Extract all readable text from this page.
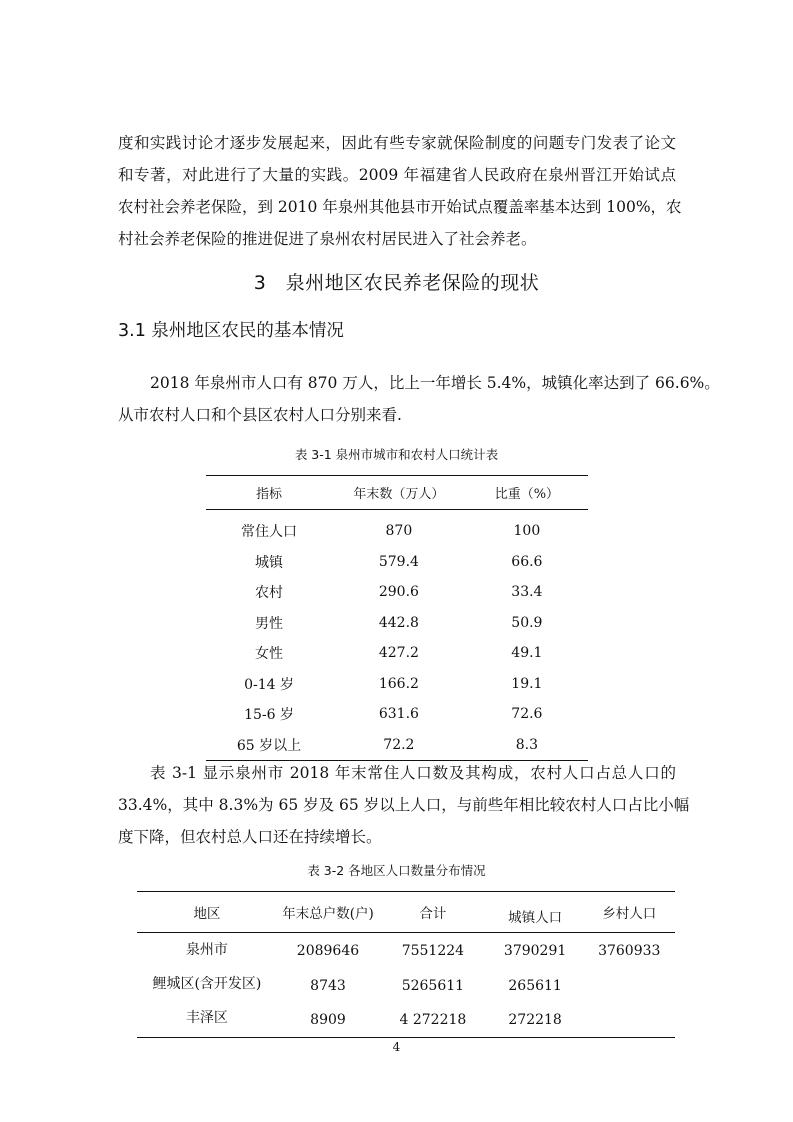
度和实践讨论才逐步发展起来，因此有些专家就保险制度的问题专门发表了论文
和专著，对此进行了大量的实践。2009 年福建省人民政府在泉州晋江开始试点
农村社会养老保险，到 2010 年泉州其他县市开始试点覆盖率基本达到 100%，农
村社会养老保险的推进促进了泉州农村居民进入了社会养老。
3　泉州地区农民养老保险的现状
3.1 泉州地区农民的基本情况
2018 年泉州市人口有 870 万人，比上一年增长 5.4%，城镇化率达到了 66.6%。
从市农村人口和个县区农村人口分别来看.
表 3-1 泉州市城市和农村人口统计表
指标	年末数（万人）	比重（%）
常住人口	870	100
城镇	579.4	66.6
农村	290.6	33.4
男性	442.8	50.9
女性	427.2	49.1
0-14 岁	166.2	19.1
15-6 岁	631.6	72.6
65 岁以上	72.2	8.3
表 3-1 显示泉州市 2018 年末常住人口数及其构成，农村人口占总人口的
33.4%，其中 8.3%为 65 岁及 65 岁以上人口，与前些年相比较农村人口占比小幅
度下降，但农村总人口还在持续增长。
表 3-2 各地区人口数量分布情况
地区	年末总户数(户)	合计	城镇人口	乡村人口
泉州市	2089646	7551224	3790291	3760933
鲤城区(含开发区)	8743	5265611	265611	
丰泽区	8909	4 272218	272218	
4
